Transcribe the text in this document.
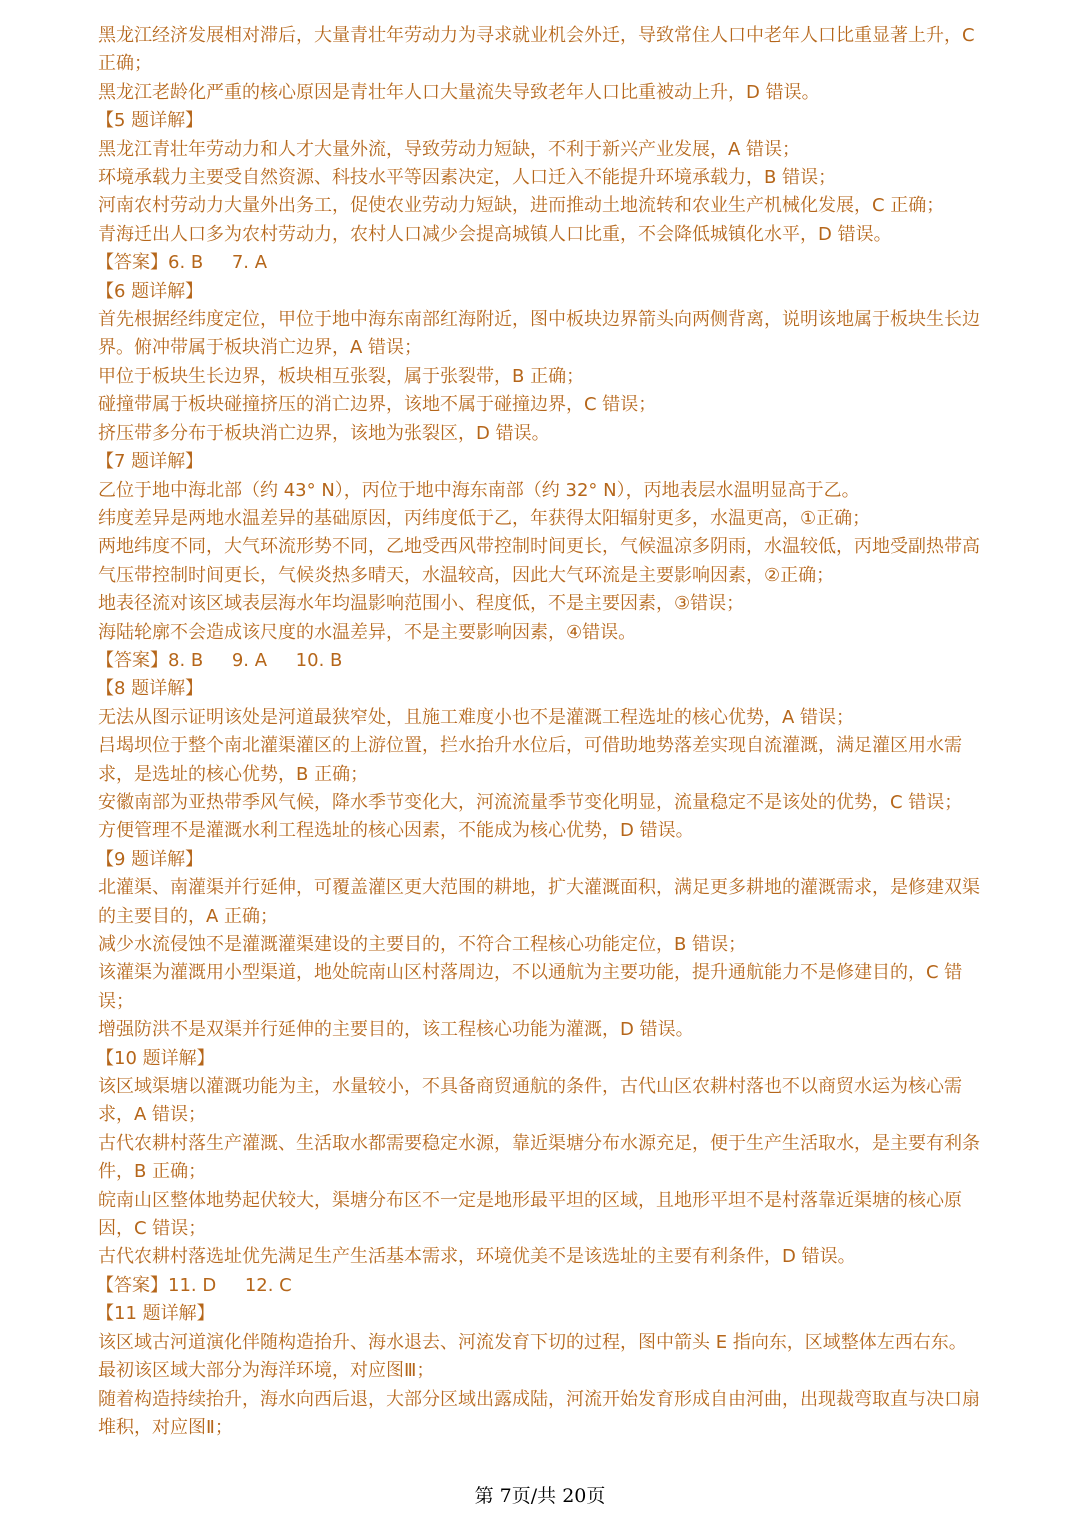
黑龙江经济发展相对滞后，大量青壮年劳动力为寻求就业机会外迁，导致常住人口中老年人口比重显著上升，C 正确；
黑龙江老龄化严重的核心原因是青壮年人口大量流失导致老年人口比重被动上升，D 错误。
【5 题详解】
黑龙江青壮年劳动力和人才大量外流，导致劳动力短缺，不利于新兴产业发展，A 错误；
环境承载力主要受自然资源、科技水平等因素决定，人口迁入不能提升环境承载力，B 错误；
河南农村劳动力大量外出务工，促使农业劳动力短缺，进而推动土地流转和农业生产机械化发展，C 正确；
青海迁出人口多为农村劳动力，农村人口减少会提高城镇人口比重，不会降低城镇化水平，D 错误。
【答案】6. B     7. A
【6 题详解】
首先根据经纬度定位，甲位于地中海东南部红海附近，图中板块边界箭头向两侧背离，说明该地属于板块生长边界。俯冲带属于板块消亡边界，A 错误；
甲位于板块生长边界，板块相互张裂，属于张裂带，B 正确；
碰撞带属于板块碰撞挤压的消亡边界，该地不属于碰撞边界，C 错误；
挤压带多分布于板块消亡边界，该地为张裂区，D 错误。
【7 题详解】
乙位于地中海北部（约 43° N），丙位于地中海东南部（约 32° N），丙地表层水温明显高于乙。
纬度差异是两地水温差异的基础原因，丙纬度低于乙，年获得太阳辐射更多，水温更高，①正确；
两地纬度不同，大气环流形势不同，乙地受西风带控制时间更长，气候温凉多阴雨，水温较低，丙地受副热带高气压带控制时间更长，气候炎热多晴天，水温较高，因此大气环流是主要影响因素，②正确；
地表径流对该区域表层海水年均温影响范围小、程度低，不是主要因素，③错误；
海陆轮廓不会造成该尺度的水温差异，不是主要影响因素，④错误。
【答案】8. B     9. A     10. B
【8 题详解】
无法从图示证明该处是河道最狭窄处，且施工难度小也不是灌溉工程选址的核心优势，A 错误；
吕堨坝位于整个南北灌渠灌区的上游位置，拦水抬升水位后，可借助地势落差实现自流灌溉，满足灌区用水需求，是选址的核心优势，B 正确；
安徽南部为亚热带季风气候，降水季节变化大，河流流量季节变化明显，流量稳定不是该处的优势，C 错误；
方便管理不是灌溉水利工程选址的核心因素，不能成为核心优势，D 错误。
【9 题详解】
北灌渠、南灌渠并行延伸，可覆盖灌区更大范围的耕地，扩大灌溉面积，满足更多耕地的灌溉需求，是修建双渠的主要目的，A 正确；
减少水流侵蚀不是灌溉灌渠建设的主要目的，不符合工程核心功能定位，B 错误；
该灌渠为灌溉用小型渠道，地处皖南山区村落周边，不以通航为主要功能，提升通航能力不是修建目的，C 错误；
增强防洪不是双渠并行延伸的主要目的，该工程核心功能为灌溉，D 错误。
【10 题详解】
该区域渠塘以灌溉功能为主，水量较小，不具备商贸通航的条件，古代山区农耕村落也不以商贸水运为核心需求，A 错误；
古代农耕村落生产灌溉、生活取水都需要稳定水源，靠近渠塘分布水源充足，便于生产生活取水，是主要有利条件，B 正确；
皖南山区整体地势起伏较大，渠塘分布区不一定是地形最平坦的区域，且地形平坦不是村落靠近渠塘的核心原因，C 错误；
古代农耕村落选址优先满足生产生活基本需求，环境优美不是该选址的主要有利条件，D 错误。
【答案】11. D     12. C
【11 题详解】
该区域古河道演化伴随构造抬升、海水退去、河流发育下切的过程，图中箭头 E 指向东，区域整体左西右东。
最初该区域大部分为海洋环境，对应图Ⅲ；
随着构造持续抬升，海水向西后退，大部分区域出露成陆，河流开始发育形成自由河曲，出现裁弯取直与决口扇堆积，对应图Ⅱ；
第 7页/共 20页
